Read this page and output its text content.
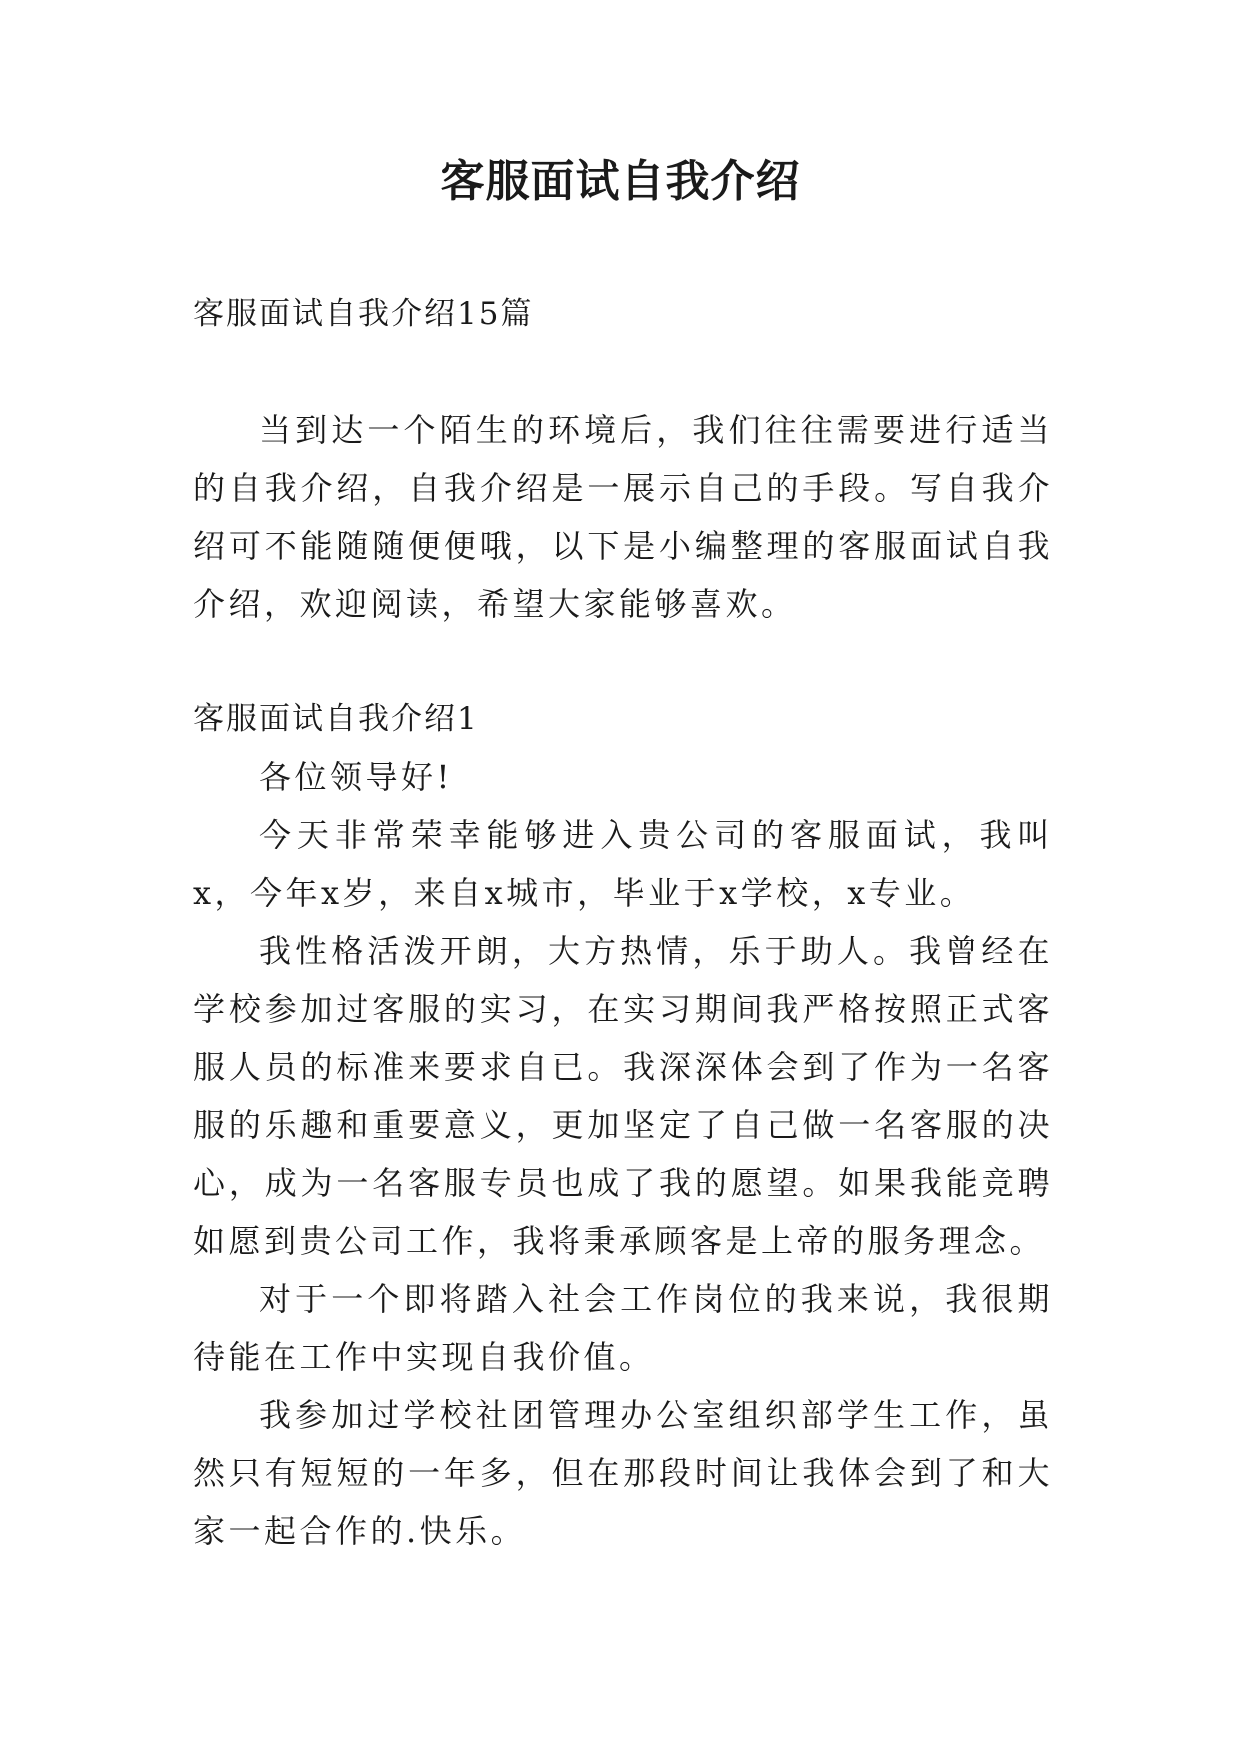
客服面试自我介绍

客服面试自我介绍15篇

当到达一个陌生的环境后，我们往往需要进行适当的自我介绍，自我介绍是一展示自己的手段。写自我介绍可不能随随便便哦，以下是小编整理的客服面试自我介绍，欢迎阅读，希望大家能够喜欢。

客服面试自我介绍1

各位领导好!

今天非常荣幸能够进入贵公司的客服面试，我叫x，今年x岁，来自x城市，毕业于x学校，x专业。

我性格活泼开朗，大方热情，乐于助人。我曾经在学校参加过客服的实习，在实习期间我严格按照正式客服人员的标准来要求自已。我深深体会到了作为一名客服的乐趣和重要意义，更加坚定了自己做一名客服的决心，成为一名客服专员也成了我的愿望。如果我能竞聘如愿到贵公司工作，我将秉承顾客是上帝的服务理念。

对于一个即将踏入社会工作岗位的我来说，我很期待能在工作中实现自我价值。

我参加过学校社团管理办公室组织部学生工作，虽然只有短短的一年多，但在那段时间让我体会到了和大家一起合作的.快乐。
